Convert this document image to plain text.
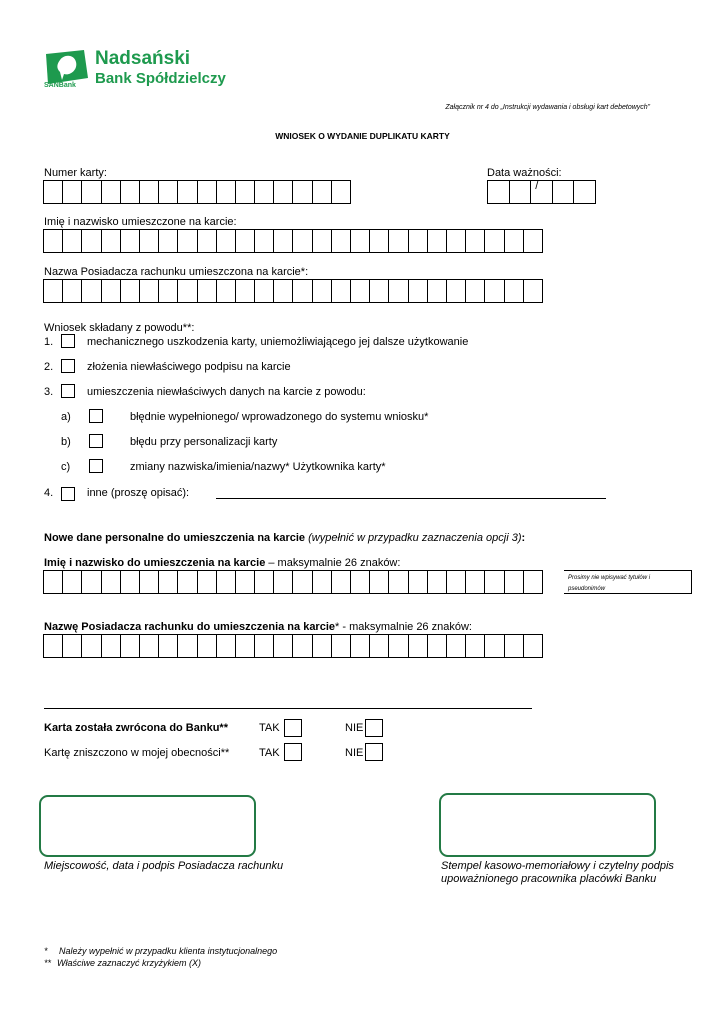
Nadsański
Bank Spółdzielczy
SANBank
Załącznik nr 4 do „Instrukcji wydawania i obsługi kart debetowych”
WNIOSEK O WYDANIE DUPLIKATU KARTY
Numer karty:	Data ważności:
/
Imię i nazwisko umieszczone na karcie:
Nazwa Posiadacza rachunku umieszczona na karcie*:
Wniosek składany z powodu**:
1.	mechanicznego uszkodzenia karty, uniemożliwiającego jej dalsze użytkowanie
2.	złożenia niewłaściwego podpisu na karcie
3.	umieszczenia niewłaściwych danych na karcie z powodu:
a)	błędnie wypełnionego/ wprowadzonego do systemu wniosku*
b)	błędu przy personalizacji karty
c)	zmiany nazwiska/imienia/nazwy* Użytkownika karty*
4.	inne (proszę opisać):
Nowe dane personalne do umieszczenia na karcie (wypełnić w przypadku zaznaczenia opcji 3):
Imię i nazwisko do umieszczenia na karcie – maksymalnie 26 znaków:
Prosimy nie wpisywać tytułów i pseudonimów
Nazwę Posiadacza rachunku do umieszczenia na karcie* - maksymalnie 26 znaków:
Karta została zwrócona do Banku**	TAK	NIE
Kartę zniszczono w mojej obecności**	TAK	NIE
Miejscowość, data i podpis Posiadacza rachunku	Stempel kasowo-memoriałowy i czytelny podpis
upoważnionego pracownika placówki Banku
* Należy wypełnić w przypadku klienta instytucjonalnego
** Właściwe zaznaczyć krzyżykiem (X)
